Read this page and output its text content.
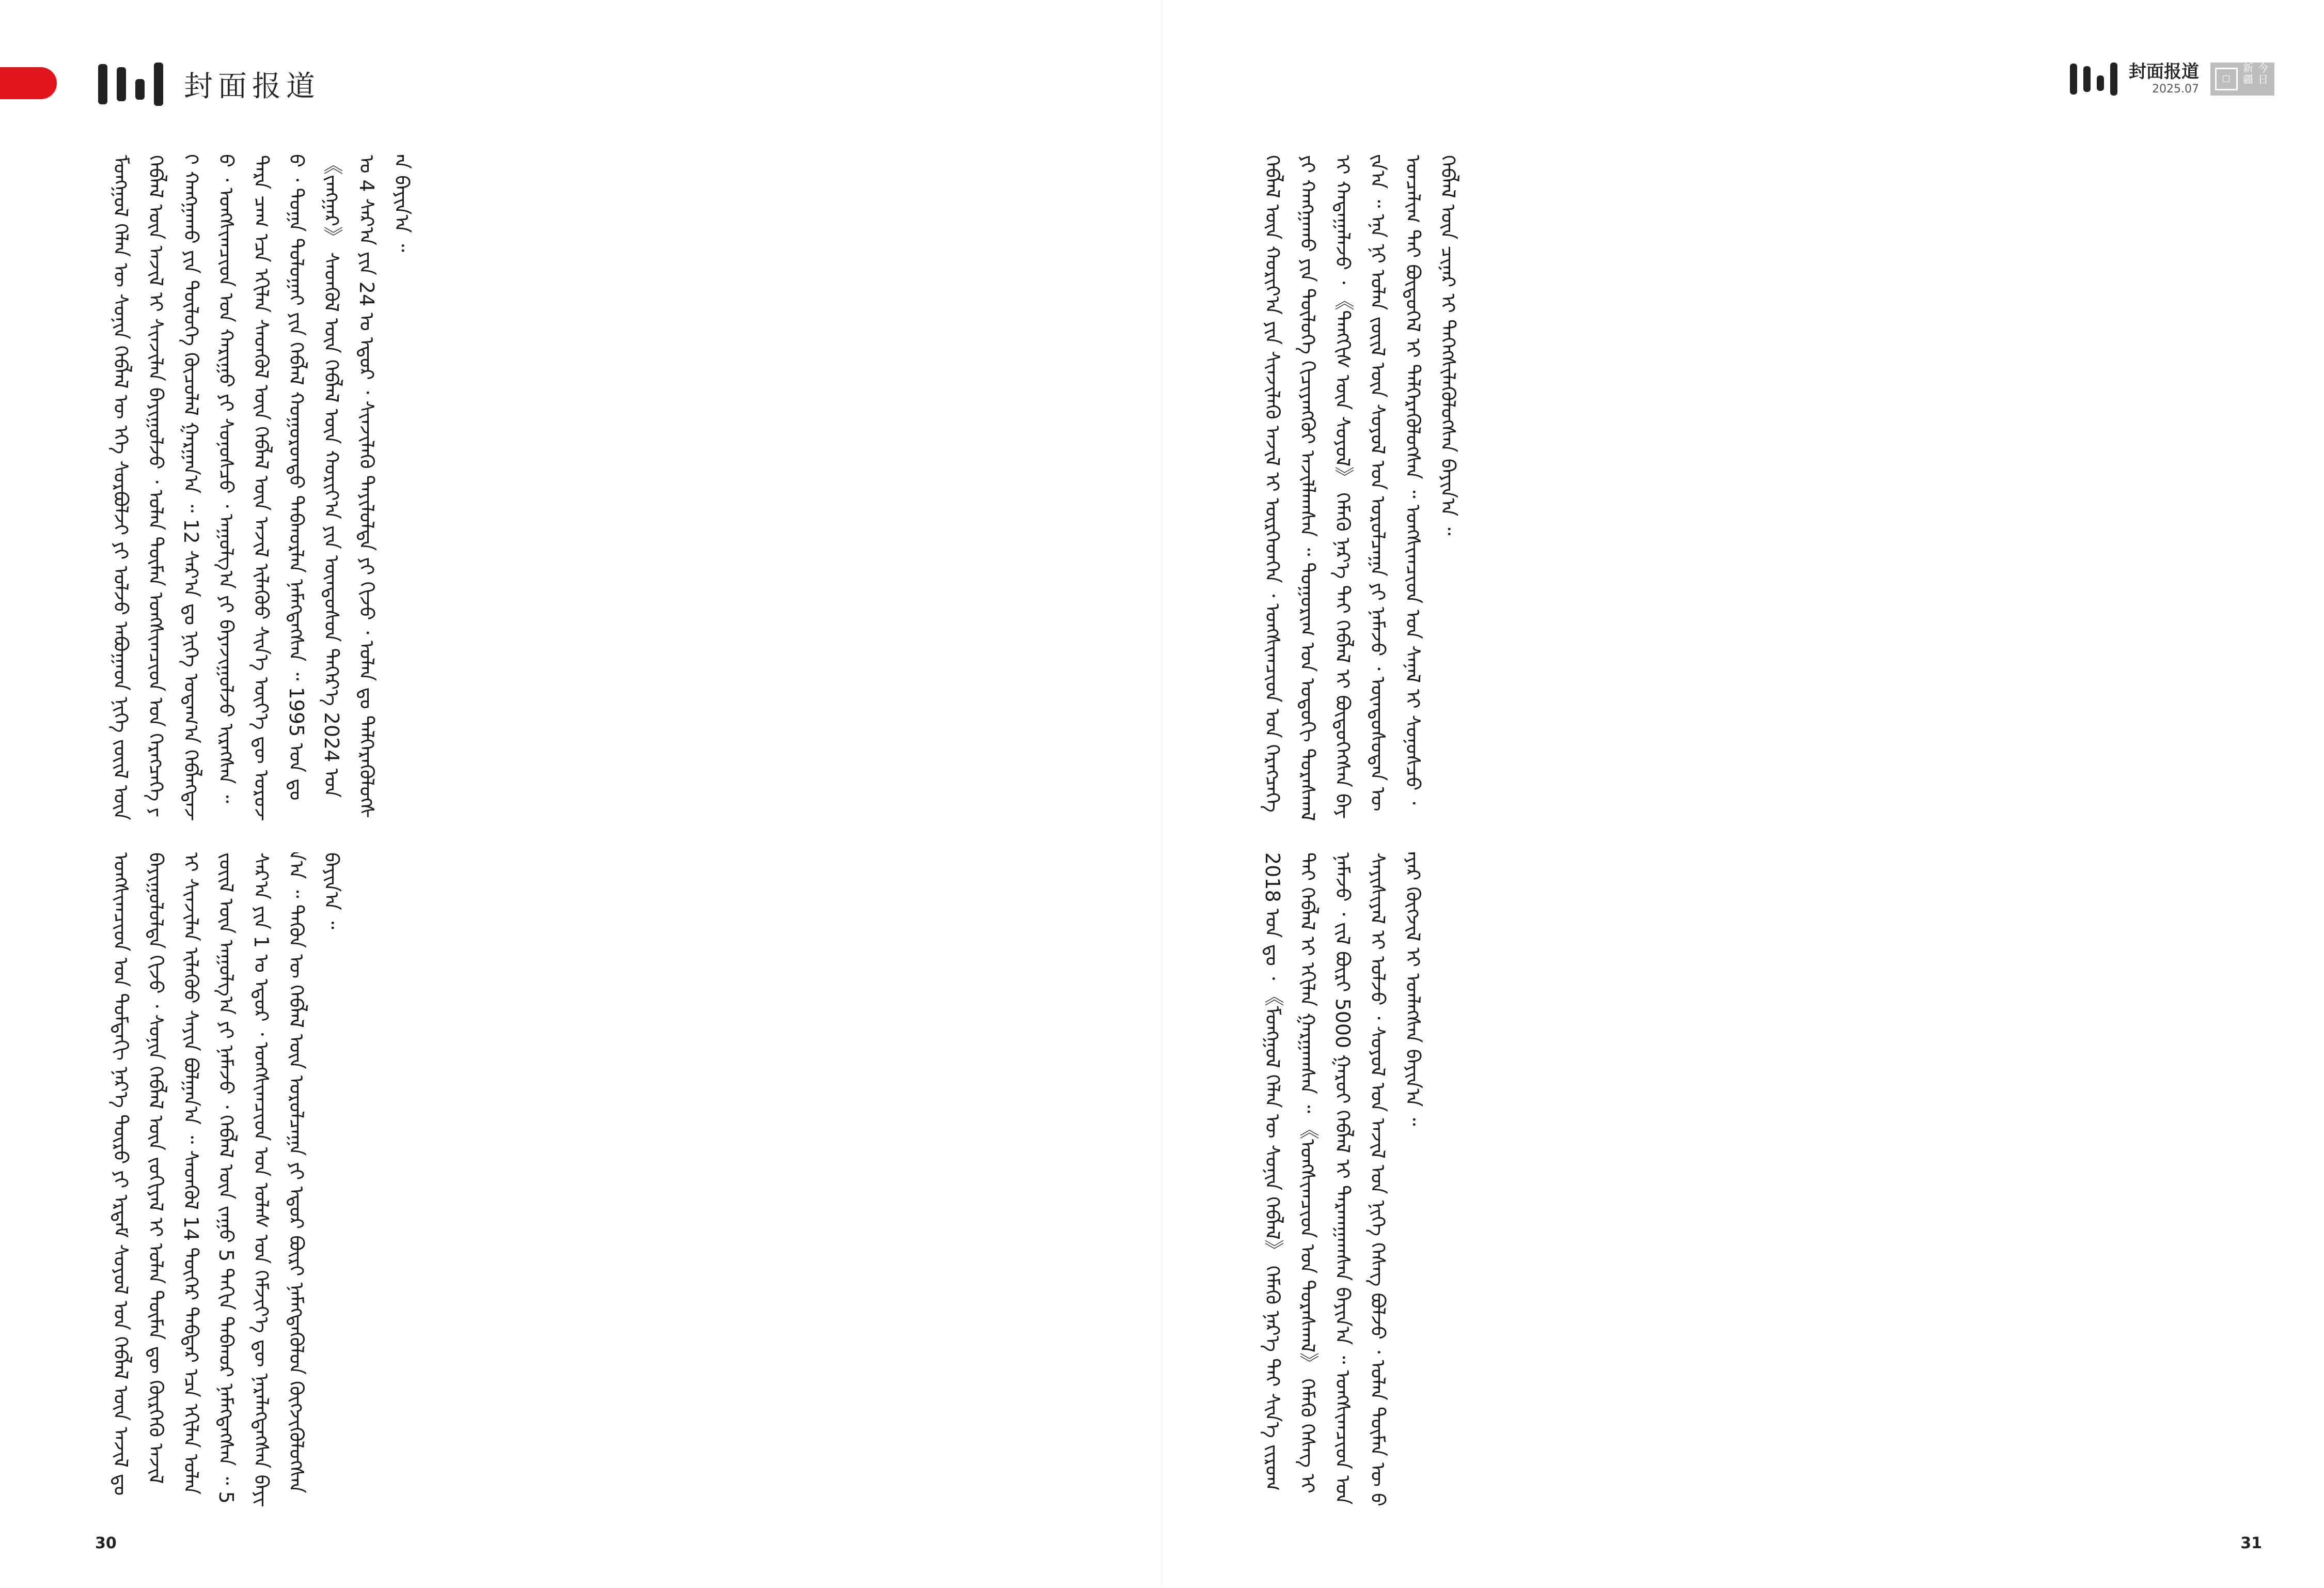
封面报道	封面报道
2025.07
☐	今日新疆

ᠮᠣᠩᠭᠣᠯ ᠬᠡᠯᠡᠨ ᠦ ᠰᠣᠨᠢᠨ ᠬᠡᠪᠯᠡᠯ ᠦ ᠡᠬᠡ ᠰᠤᠷᠪᠤᠯᠵᠢ ᠶᠢ ᠣᠯᠵᠤ ᠠᠪᠤᠭᠠᠳ ᠨᠢᠭᠡ ᠵᠦᠢᠯ ᠦᠨ ᠬᠡᠪᠯᠡᠯ ᠦᠨ ᠠᠵᠢᠯ ᠢ ᠰᠢᠨᠵᠢᠯᠡᠨ ᠪᠠᠶᠢᠭᠤᠯᠵᠤ ᠂ ᠣᠯᠠᠨ ᠲᠦᠮᠡᠨ ᠤᠩᠰᠢᠭᠴᠢᠳ ᠤᠨ ᠬᠡᠷᠡᠭᠴᠡᠭᠡ ᠶᠢ ᠬᠠᠩᠭᠠᠬᠤ ᠶᠢᠨ ᠲᠦᠯᠦᠭᠡ ᠬᠦᠴᠦᠯᠡᠯ ᠭᠠᠷᠭᠠᠨ᠎ᠠ ᠃ 12 ᠰᠠᠷ᠎ᠠ ᠳᠤ ᠨᠢᠭᠡ ᠤᠳᠠᠭ᠎ᠠ ᠬᠡᠪᠯᠡᠭᠳᠡᠵᠦ ᠂ ᠤᠩᠰᠢᠭᠴᠢᠳ ᠤᠨ ᠬᠠᠷᠢᠭᠤ ᠶᠢ ᠰᠣᠨᠣᠰᠴᠤ ᠂ ᠠᠭᠤᠯᠭ᠎ᠠ ᠶᠢ ᠪᠠᠶᠠᠵᠢᠭᠤᠯᠵᠤ ᠢᠷᠡᠭᠰᠡᠨ ᠃ ᠲᠡᠷᠡ ᠴᠠᠭ ᠡᠴᠡ ᠡᠬᠢᠯᠡᠨ ᠰᠡᠳᠭᠦᠯ ᠦᠨ ᠬᠡᠪᠯᠡᠯ ᠦᠨ ᠠᠵᠢᠯ ᠢᠯᠡᠭᠦᠦ ᠰᠢᠨ᠎ᠡ ᠦᠶ᠎ᠡ ᠳᠦ ᠣᠷᠣᠵᠤ ᠂ ᠲᠣᠭᠠ ᠲᠣᠯᠣᠭᠠᠢ ᠶᠢᠨ ᠬᠡᠪᠯᠡᠯ ᠬᠣᠭᠣᠷᠣᠨᠳᠣ ᠳᠠᠪᠬᠤᠷᠯᠠᠨ ᠨᠡᠮᠡᠭᠳᠡᠭᠰᠡᠨ ᠃ 1995 ᠣᠨ ᠳᠤ 《ᠵᠠᠩᠭᠠᠷ》 ᠰᠡᠳᠭᠦᠯ ᠦᠨ ᠬᠡᠪᠯᠡᠯ ᠦᠨ ᠬᠣᠷᠢᠶ᠎ᠠ ᠶᠢᠨ ᠦᠨᠳᠦᠰᠦᠨ ᠳᠡᠭᠡᠷ᠎ᠡ 2024 ᠣᠨ ᠤ 4 ᠰᠠᠷ᠎ᠠ ᠶᠢᠨ 24 ᠤ ᠡᠳᠦᠷ ᠂ ᠰᠢᠨᠵᠢᠯᠡᠬᠦ ᠲᠡᠶᠢᠯᠦᠯᠲᠡ ᠶᠢ ᠬᠢᠵᠦ ᠂ ᠣᠯᠠᠨ ᠳᠤ ᠳᠡᠯᠭᠡᠷᠡᠭᠦᠯᠦᠭᠰᠡᠨ ᠪᠠᠶᠢᠨ᠎ᠠ ᠃

ᠤᠩᠰᠢᠭᠴᠢᠳ ᠤᠨ ᠳᠤᠮᠳᠠᠬᠢ ᠨᠡᠷ᠎ᠡ ᠲᠥᠷᠥ ᠶᠢ ᠡᠷᠳᠡᠮ ᠰᠣᠶᠣᠯ ᠤᠨ ᠬᠡᠪᠯᠡᠯ ᠦᠨ ᠠᠵᠢᠯ ᠳᠤ ᠪᠠᠶᠢᠭᠤᠯᠤᠯᠲᠠ ᠬᠢᠵᠦ ᠂ ᠰᠣᠨᠢᠨ ᠬᠡᠪᠯᠡᠯ ᠦᠨ ᠵᠣᠬᠢᠶᠠᠯ ᠢ ᠣᠯᠠᠨ ᠲᠦᠮᠡᠨ ᠳᠦ ᠬᠦᠷᠭᠡᠬᠦ ᠠᠵᠢᠯ ᠢ ᠰᠢᠨᠵᠢᠯᠡᠨ ᠢᠯᠡᠭᠦᠦ ᠰᠠᠶᠢᠨ ᠪᠣᠯᠭᠠᠨ᠎ᠠ ᠃ ᠰᠡᠳᠭᠦᠯ 14 ᠳᠦᠭᠡᠷ ᠳᠡᠪᠲᠡᠷ ᠡᠴᠡ ᠡᠬᠢᠯᠡᠨ ᠣᠯᠠᠨ ᠵᠦᠢᠯ ᠦᠨ ᠠᠭᠤᠯᠭ᠎ᠠ ᠶᠢ ᠨᠡᠮᠡᠵᠦ ᠂ ᠬᠡᠪᠯᠡᠯ ᠦᠨ ᠵᠠᠭᠤ 5 ᠳᠠᠬᠢᠨ ᠳᠠᠪᠬᠤᠷ ᠨᠡᠮᠡᠭᠳᠡᠭᠰᠡᠨ ᠃ 5 ᠰᠠᠷ᠎ᠠ ᠶᠢᠨ 1 ᠤ ᠡᠳᠦᠷ ᠂ ᠤᠩᠰᠢᠭᠴᠢᠳ ᠤᠨ ᠤᠯᠠᠰ ᠤᠨ ᠬᠡᠮᠵᠢᠶ᠎ᠡ ᠳᠦ ᠨᠡᠷᠡᠯᠡᠭᠳᠡᠭᠰᠡᠨ ᠪᠠᠶᠢᠨ᠎ᠠ ᠃ ᠲᠡᠭᠦᠨ ᠦ ᠬᠡᠪᠯᠡᠯ ᠦᠨ ᠣᠷᠤᠯᠴᠠᠭᠠ ᠶᠢ ᠡᠳᠦᠷ ᠪᠦᠷᠢ ᠨᠡᠮᠡᠭᠳᠡᠭᠦᠯᠦᠨ ᠬᠥᠭᠵᠢᠭᠦᠯᠦᠭᠰᠡᠨ ᠪᠠᠶᠢᠨ᠎ᠠ ᠃

ᠬᠡᠪᠯᠡᠯ ᠦᠨ ᠬᠣᠷᠢᠶ᠎ᠠ ᠶᠢᠨ ᠰᠢᠨᠵᠢᠯᠡᠬᠦ ᠠᠵᠢᠯ ᠢ ᠥᠷᠭᠡᠳᠬᠡᠨ ᠂ ᠤᠩᠰᠢᠭᠴᠢᠳ ᠤᠨ ᠬᠡᠷᠡᠭᠴᠡᠭᠡ ᠶᠢ ᠬᠠᠩᠭᠠᠬᠤ ᠶᠢᠨ ᠲᠥᠯᠥᠭᠡ ᠬᠢᠴᠢᠶᠡᠩᠭᠦᠢ ᠠᠵᠢᠯᠯᠠᠭᠰᠠᠨ ᠃ ᠲᠣᠭᠤᠷᠢᠭ ᠤᠨ ᠣᠳᠣᠬᠢ ᠳᠤᠷᠠᠰᠬᠠᠯ ᠢ ᠬᠠᠳᠠᠭᠠᠯᠠᠵᠤ ᠂ 《ᠲᠡᠩᠭᠢᠰ ᠦᠨ ᠰᠣᠶᠣᠯ》 ᠬᠡᠮᠡᠬᠦ ᠨᠡᠷ᠎ᠡ ᠲᠡᠢ ᠬᠡᠪᠯᠡᠯ ᠢ ᠪᠦᠲᠦᠭᠡᠭᠰᠡᠨ ᠪᠠᠶᠢᠨ᠎ᠠ ᠃ ᠡᠨᠡ ᠨᠢ ᠣᠯᠠᠨ ᠵᠦᠢᠯ ᠦᠨ ᠰᠣᠶᠣᠯ ᠤᠨ ᠣᠷᠤᠯᠴᠠᠭᠠ ᠶᠢ ᠨᠡᠮᠡᠵᠦ ᠂ ᠦᠨᠳᠦᠰᠦᠲᠡᠨ ᠦ ᠣᠨᠴᠠᠯᠢᠭ ᠲᠠᠢ ᠪᠦᠲᠦᠭᠡᠯ ᠢ ᠳᠡᠯᠭᠡᠷᠡᠭᠦᠯᠦᠭᠰᠡᠨ ᠃ ᠤᠩᠰᠢᠭᠴᠢᠳ ᠤᠨ ᠰᠠᠨᠠᠯ ᠢ ᠰᠣᠨᠣᠰᠴᠤ ᠂ ᠬᠡᠪᠯᠡᠯ ᠦᠨ ᠴᠢᠨᠠᠷ ᠢ ᠳᠡᠭᠡᠭᠰᠢᠯᠡᠭᠦᠯᠦᠭᠰᠡᠨ ᠪᠠᠶᠢᠨ᠎ᠠ ᠃

2018 ᠣᠨ ᠳᠤ ᠂ 《ᠮᠣᠩᠭᠣᠯ ᠬᠡᠯᠡᠨ ᠦ ᠰᠣᠨᠢᠨ ᠬᠡᠪᠯᠡᠯ》 ᠬᠡᠮᠡᠬᠦ ᠨᠡᠷ᠎ᠡ ᠲᠡᠢ ᠰᠢᠨ᠎ᠡ ᠵᠢᠷᠤᠭ ᠲᠠᠢ ᠬᠡᠪᠯᠡᠯ ᠢ ᠡᠬᠢᠯᠡᠨ ᠭᠠᠷᠭᠠᠭᠰᠠᠨ ᠃ 《ᠤᠩᠰᠢᠭᠴᠢᠳ ᠤᠨ ᠳᠤᠷᠠᠰᠬᠠᠯ》 ᠬᠡᠮᠡᠬᠦ ᠬᠡᠰᠡᠭ ᠢ ᠨᠡᠮᠡᠵᠦ ᠂ ᠵᠢᠯ ᠪᠦᠷᠢ 5000 ᠭᠠᠷᠤᠢ ᠬᠡᠪᠯᠡᠯ ᠢ ᠲᠠᠷᠬᠠᠭᠠᠭᠰᠠᠨ ᠪᠠᠶᠢᠨ᠎ᠠ ᠃ ᠤᠩᠰᠢᠭᠴᠢᠳ ᠤᠨ ᠰᠠᠶᠢᠰᠢᠶᠠᠯ ᠢ ᠣᠯᠵᠤ ᠂ ᠰᠣᠶᠣᠯ ᠤᠨ ᠠᠵᠢᠯ ᠤᠨ ᠨᠢᠭᠡ ᠬᠡᠰᠡᠭ ᠪᠣᠯᠵᠤ ᠂ ᠣᠯᠠᠨ ᠲᠦᠮᠡᠨ ᠦ ᠪᠠᠶᠠᠷ ᠬᠥᠭᠵᠢᠯ ᠢ ᠡᠳᠯᠡᠭᠰᠡᠨ ᠪᠠᠶᠢᠨ᠎ᠠ ᠃

30	31
